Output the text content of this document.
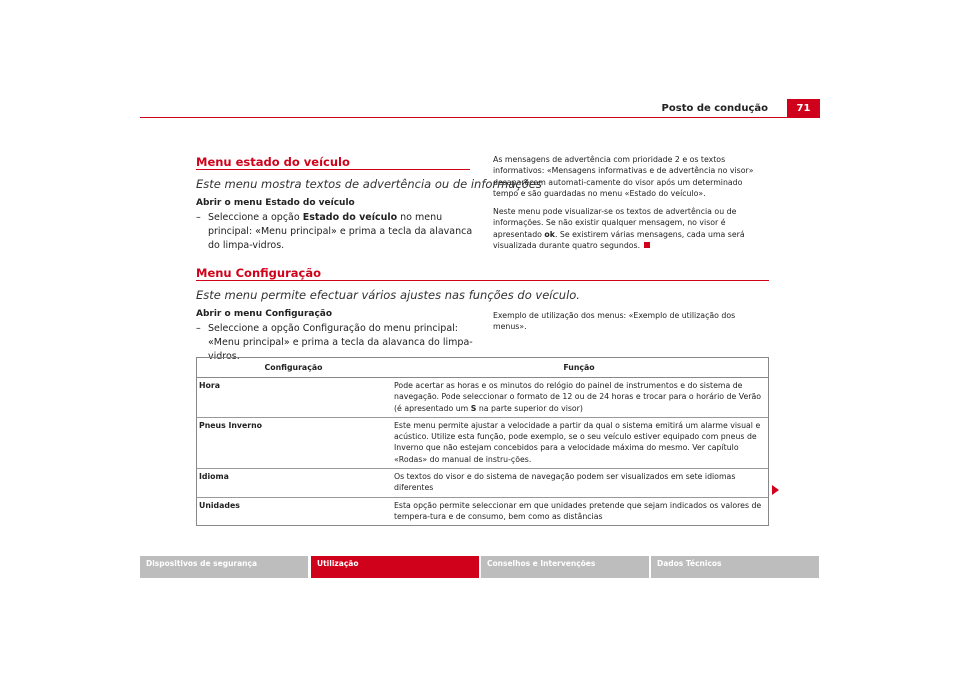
Posto de condução	71
Menu estado do veículo
Este menu mostra textos de advertência ou de informações
Abrir o menu Estado do veículo
– Seleccione a opção Estado do veículo no menu principal: «Menu principal» e prima a tecla da alavanca do limpa-vidros.
As mensagens de advertência com prioridade 2 e os textos informativos: «Mensagens informativas e de advertência no visor» desaparecem automati-camente do visor após um determinado tempo e são guardadas no menu «Estado do veículo».
Neste menu pode visualizar-se os textos de advertência ou de informações. Se não existir qualquer mensagem, no visor é apresentado ok. Se existirem várias mensagens, cada uma será visualizada durante quatro segundos.
Menu Configuração
Este menu permite efectuar vários ajustes nas funções do veículo.
Abrir o menu Configuração
– Seleccione a opção Configuração do menu principal: «Menu principal» e prima a tecla da alavanca do limpa-vidros.
Exemplo de utilização dos menus: «Exemplo de utilização dos menus».
Configuração	Função
Hora	Pode acertar as horas e os minutos do relógio do painel de instrumentos e do sistema de navegação. Pode seleccionar o formato de 12 ou de 24 horas e trocar para o horário de Verão (é apresentado um S na parte superior do visor)
Pneus Inverno	Este menu permite ajustar a velocidade a partir da qual o sistema emitirá um alarme visual e acústico. Utilize esta função, pode exemplo, se o seu veículo estiver equipado com pneus de Inverno que não estejam concebidos para a velocidade máxima do mesmo. Ver capítulo «Rodas» do manual de instru-ções.
Idioma	Os textos do visor e do sistema de navegação podem ser visualizados em sete idiomas diferentes
Unidades	Esta opção permite seleccionar em que unidades pretende que sejam indicados os valores de tempera-tura e de consumo, bem como as distâncias
Dispositivos de segurança	Utilização	Conselhos e Intervenções	Dados Técnicos
